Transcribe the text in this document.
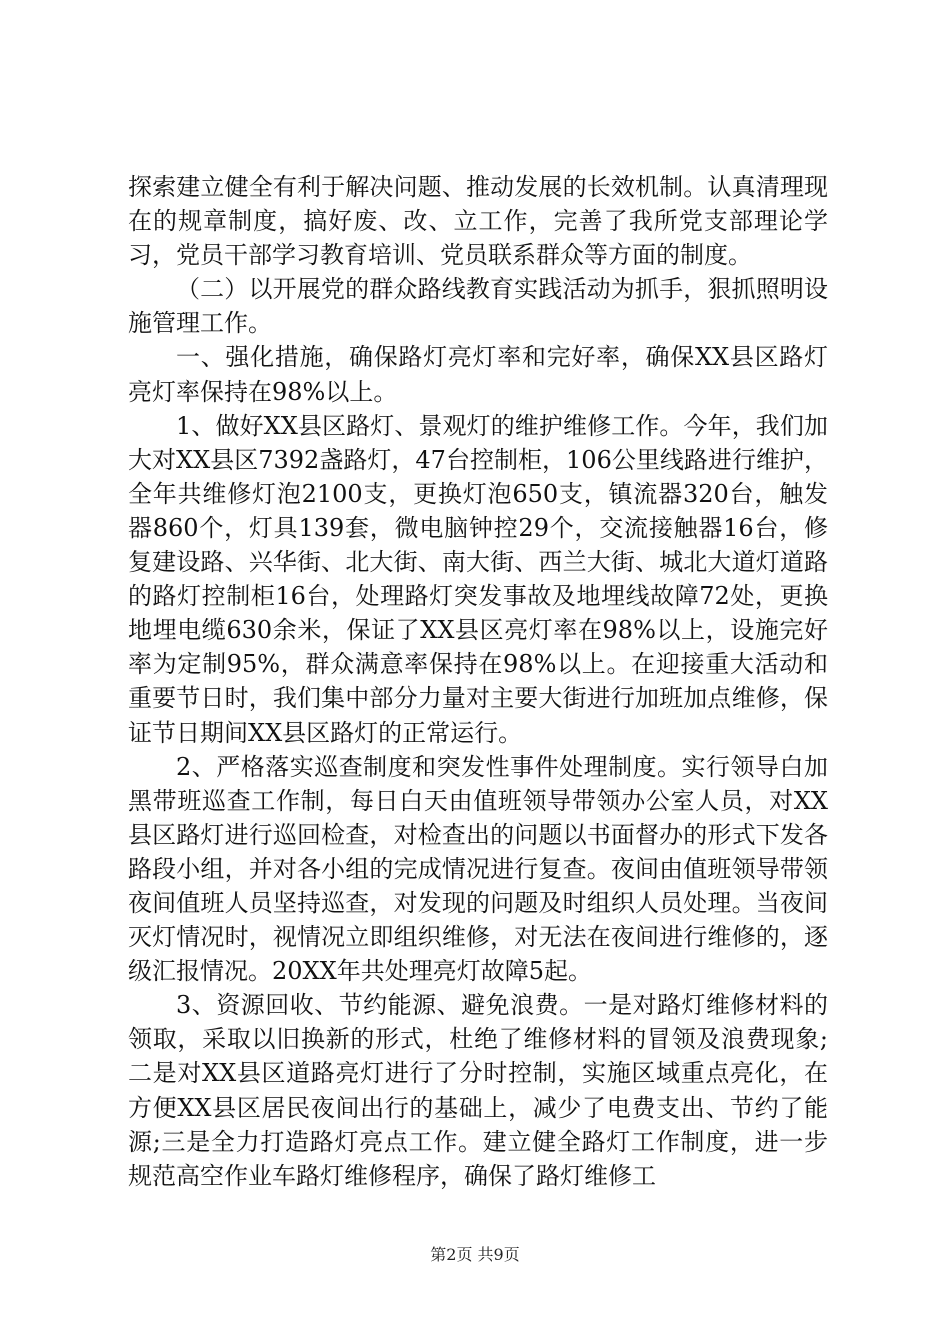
探索建立健全有利于解决问题、推动发展的长效机制。认真清理现在的规章制度，搞好废、改、立工作，完善了我所党支部理论学习，党员干部学习教育培训、党员联系群众等方面的制度。

（二）以开展党的群众路线教育实践活动为抓手，狠抓照明设施管理工作。

一、强化措施，确保路灯亮灯率和完好率，确保XX县区路灯亮灯率保持在98%以上。

1、做好XX县区路灯、景观灯的维护维修工作。今年，我们加大对XX县区7392盏路灯，47台控制柜，106公里线路进行维护，全年共维修灯泡2100支，更换灯泡650支，镇流器320台，触发器860个，灯具139套，微电脑钟控29个，交流接触器16台，修复建设路、兴华街、北大街、南大街、西兰大街、城北大道灯道路的路灯控制柜16台，处理路灯突发事故及地埋线故障72处，更换地埋电缆630余米，保证了XX县区亮灯率在98%以上，设施完好率为定制95%，群众满意率保持在98%以上。在迎接重大活动和重要节日时，我们集中部分力量对主要大街进行加班加点维修，保证节日期间XX县区路灯的正常运行。

2、严格落实巡查制度和突发性事件处理制度。实行领导白加黑带班巡查工作制，每日白天由值班领导带领办公室人员，对XX县区路灯进行巡回检查，对检查出的问题以书面督办的形式下发各路段小组，并对各小组的完成情况进行复查。夜间由值班领导带领夜间值班人员坚持巡查，对发现的问题及时组织人员处理。当夜间灭灯情况时，视情况立即组织维修，对无法在夜间进行维修的，逐级汇报情况。20XX年共处理亮灯故障5起。

3、资源回收、节约能源、避免浪费。一是对路灯维修材料的领取，采取以旧换新的形式，杜绝了维修材料的冒领及浪费现象;二是对XX县区道路亮灯进行了分时控制，实施区域重点亮化，在方便XX县区居民夜间出行的基础上，减少了电费支出、节约了能源;三是全力打造路灯亮点工作。建立健全路灯工作制度，进一步规范高空作业车路灯维修程序，确保了路灯维修工

第2页 共9页
